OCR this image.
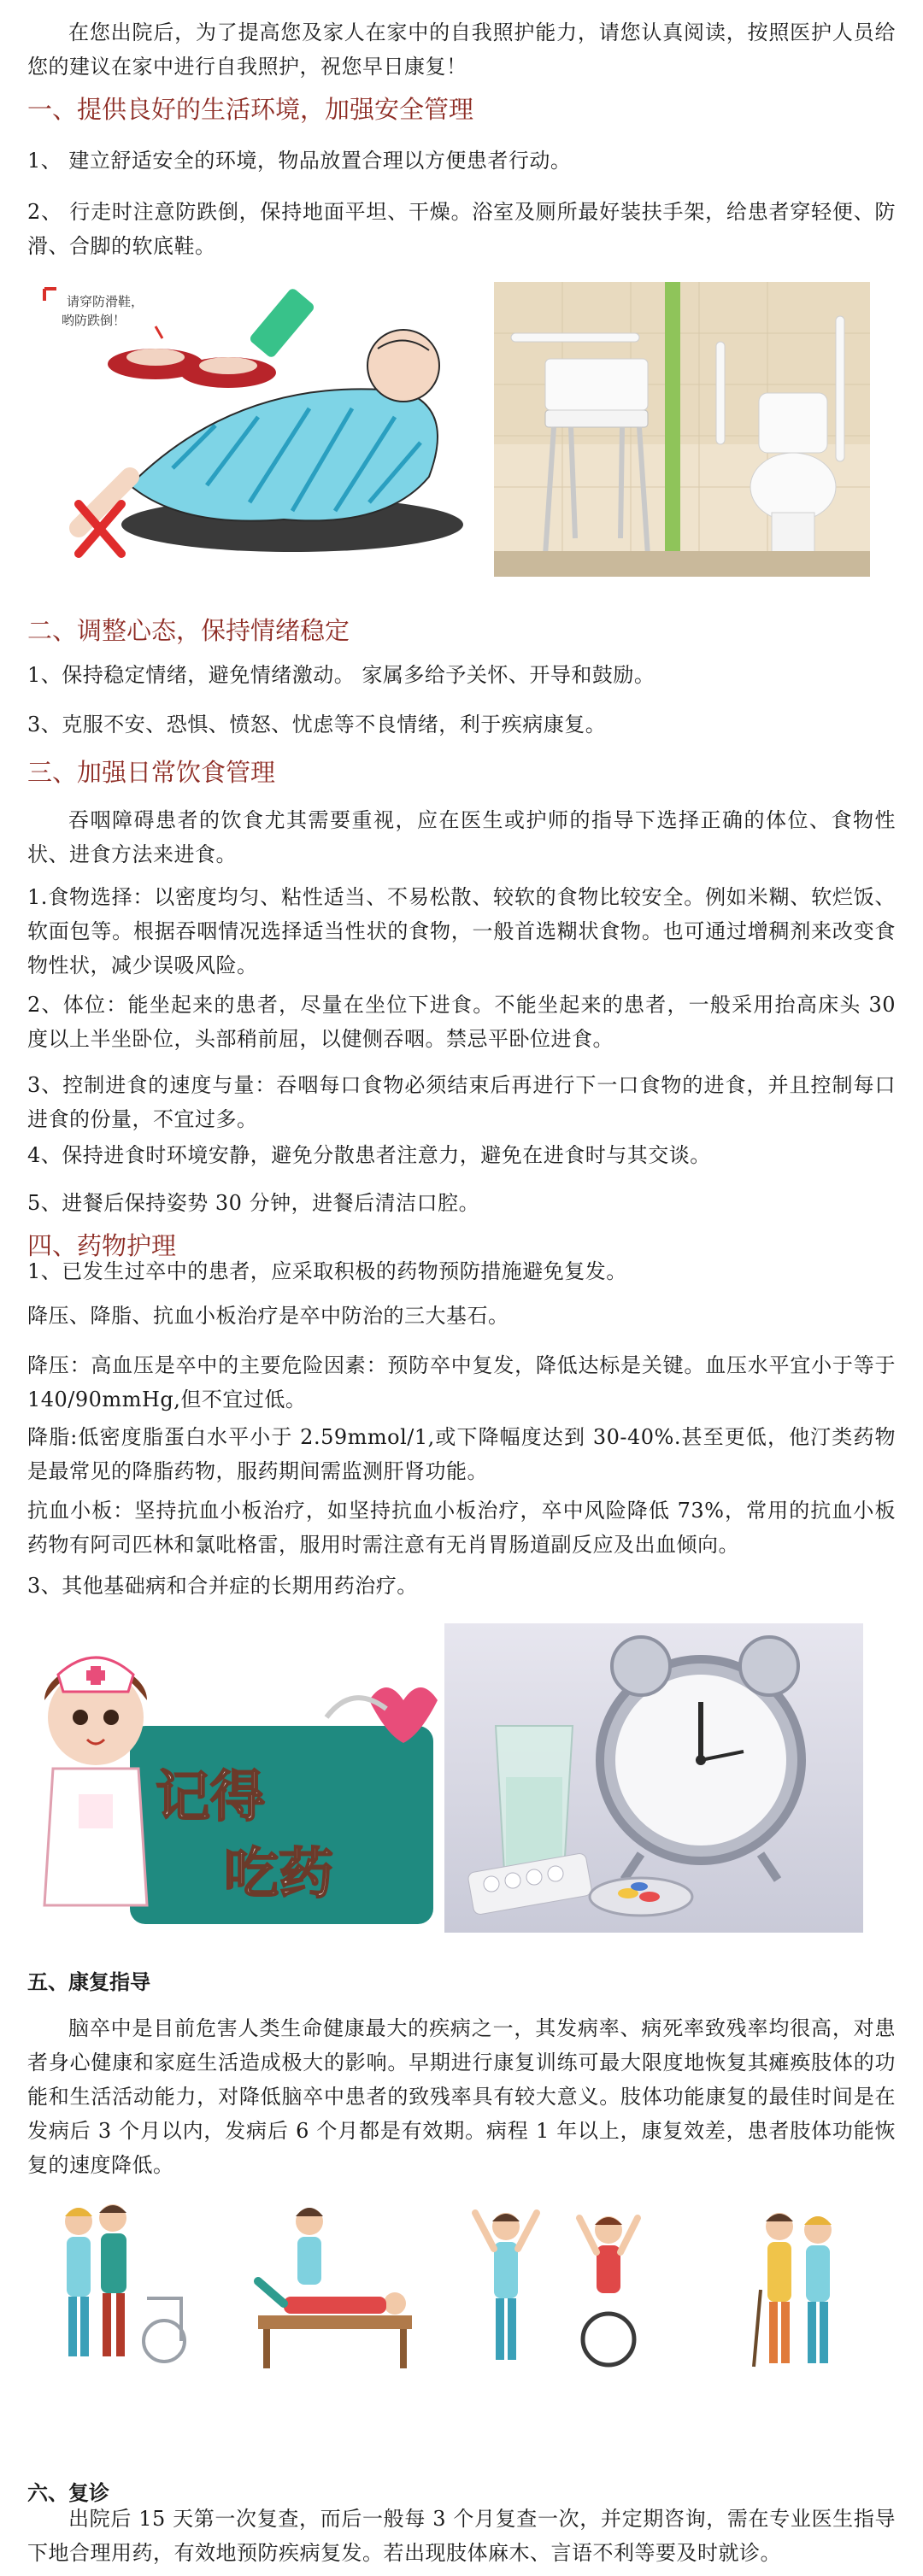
在您出院后，为了提高您及家人在家中的自我照护能力，请您认真阅读，按照医护人员给您的建议在家中进行自我照护，祝您早日康复！

一、提供良好的生活环境，加强安全管理

1、 建立舒适安全的环境，物品放置合理以方便患者行动。

2、 行走时注意防跌倒，保持地面平坦、干燥。浴室及厕所最好装扶手架，给患者穿轻便、防滑、合脚的软底鞋。

请穿防滑鞋，
哟防跌倒！
二、调整心态，保持情绪稳定

1、保持稳定情绪，避免情绪激动。 家属多给予关怀、开导和鼓励。

3、克服不安、恐惧、愤怒、忧虑等不良情绪，利于疾病康复。

三、加强日常饮食管理

吞咽障碍患者的饮食尤其需要重视，应在医生或护师的指导下选择正确的体位、食物性状、进食方法来进食。

1.食物选择：以密度均匀、粘性适当、不易松散、较软的食物比较安全。例如米糊、软烂饭、软面包等。根据吞咽情况选择适当性状的食物，一般首选糊状食物。也可通过增稠剂来改变食物性状，减少误吸风险。

2、体位：能坐起来的患者，尽量在坐位下进食。不能坐起来的患者，一般采用抬高床头 30 度以上半坐卧位，头部稍前屈，以健侧吞咽。禁忌平卧位进食。

3、控制进食的速度与量：吞咽每口食物必须结束后再进行下一口食物的进食，并且控制每口进食的份量，不宜过多。

4、保持进食时环境安静，避免分散患者注意力，避免在进食时与其交谈。

5、进餐后保持姿势 30 分钟，进餐后清洁口腔。

四、药物护理

1、已发生过卒中的患者，应采取积极的药物预防措施避免复发。

降压、降脂、抗血小板治疗是卒中防治的三大基石。

降压：高血压是卒中的主要危险因素：预防卒中复发，降低达标是关键。血压水平宜小于等于140/90mmHg,但不宜过低。

降脂:低密度脂蛋白水平小于 2.59mmol/1,或下降幅度达到 30-40%.甚至更低，他汀类药物是最常见的降脂药物，服药期间需监测肝肾功能。

抗血小板：坚持抗血小板治疗，如坚持抗血小板治疗，卒中风险降低 73%，常用的抗血小板药物有阿司匹林和氯吡格雷，服用时需注意有无肖胃肠道副反应及出血倾向。

3、其他基础病和合并症的长期用药治疗。

记得
吃药
五、康复指导

脑卒中是目前危害人类生命健康最大的疾病之一，其发病率、病死率致残率均很高，对患者身心健康和家庭生活造成极大的影响。早期进行康复训练可最大限度地恢复其瘫痪肢体的功能和生活活动能力，对降低脑卒中患者的致残率具有较大意义。肢体功能康复的最佳时间是在发病后 3 个月以内，发病后 6 个月都是有效期。病程 1 年以上，康复效差，患者肢体功能恢复的速度降低。

六、复诊

出院后 15 天第一次复查，而后一般每 3 个月复查一次，并定期咨询，需在专业医生指导下地合理用药，有效地预防疾病复发。若出现肢体麻木、言语不利等要及时就诊。
